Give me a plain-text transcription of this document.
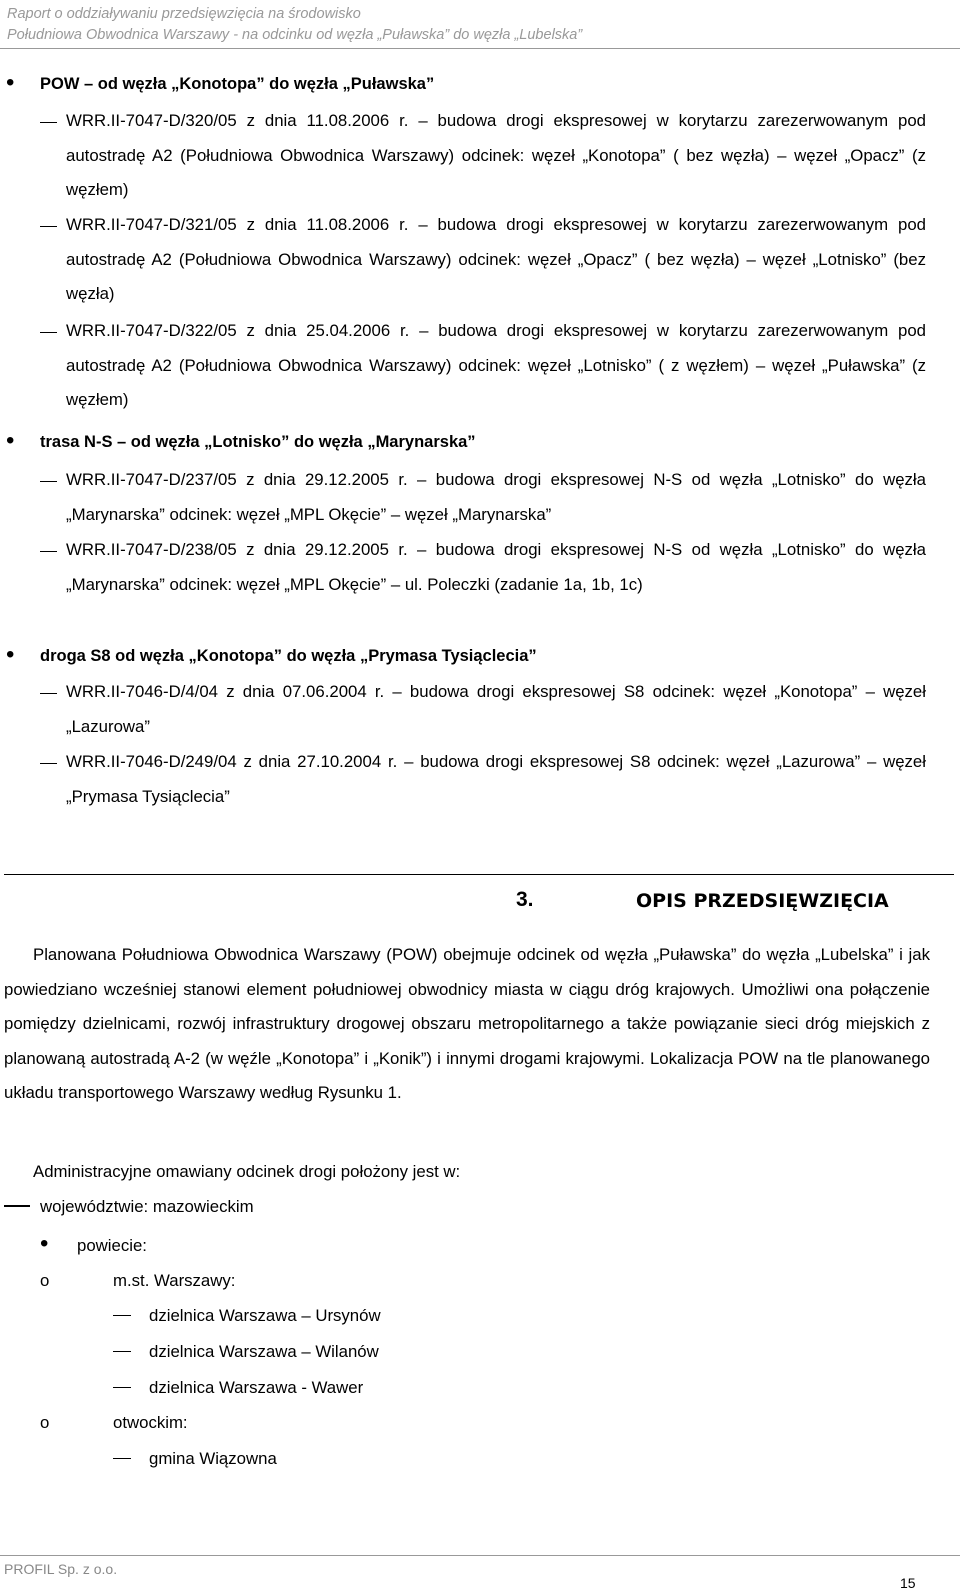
Raport o oddziaływaniu przedsięwzięcia na środowisko
Południowa Obwodnica Warszawy - na odcinku od węzła „Puławska” do węzła „Lubelska”
• POW – od węzła „Konotopa” do węzła „Puławska”

WRR.II-7047-D/320/05 z dnia 11.08.2006 r. – budowa drogi ekspresowej w korytarzu zarezerwowanym pod autostradę A2 (Południowa Obwodnica Warszawy) odcinek: węzeł „Konotopa” ( bez węzła) – węzeł „Opacz” (z węzłem)

WRR.II-7047-D/321/05 z dnia 11.08.2006 r. – budowa drogi ekspresowej w korytarzu zarezerwowanym pod autostradę A2 (Południowa Obwodnica Warszawy) odcinek: węzeł „Opacz” ( bez węzła) – węzeł „Lotnisko” (bez węzła)

WRR.II-7047-D/322/05 z dnia 25.04.2006 r. – budowa drogi ekspresowej w korytarzu zarezerwowanym pod autostradę A2 (Południowa Obwodnica Warszawy) odcinek: węzeł „Lotnisko” ( z węzłem) – węzeł „Puławska” (z węzłem)

• trasa N-S – od węzła „Lotnisko” do węzła „Marynarska”

WRR.II-7047-D/237/05 z dnia 29.12.2005 r. – budowa drogi ekspresowej N-S od węzła „Lotnisko” do węzła „Marynarska” odcinek: węzeł „MPL Okęcie” – węzeł „Marynarska”

WRR.II-7047-D/238/05 z dnia 29.12.2005 r. – budowa drogi ekspresowej N-S od węzła „Lotnisko” do węzła „Marynarska” odcinek: węzeł „MPL Okęcie” – ul. Poleczki (zadanie 1a, 1b, 1c)

• droga S8 od węzła „Konotopa” do węzła „Prymasa Tysiąclecia”

WRR.II-7046-D/4/04 z dnia 07.06.2004 r. – budowa drogi ekspresowej S8 odcinek: węzeł „Konotopa” – węzeł „Lazurowa”

WRR.II-7046-D/249/04 z dnia 27.10.2004 r. – budowa drogi ekspresowej S8 odcinek: węzeł „Lazurowa” – węzeł „Prymasa Tysiąclecia”

3.	OPIS PRZEDSIĘWZIĘCIA

Planowana Południowa Obwodnica Warszawy (POW) obejmuje odcinek od węzła „Puławska” do węzła „Lubelska” i jak powiedziano wcześniej stanowi element południowej obwodnicy miasta w ciągu dróg krajowych. Umożliwi ona połączenie pomiędzy dzielnicami, rozwój infrastruktury drogowej obszaru metropolitarnego a także powiązanie sieci dróg miejskich z planowaną autostradą A-2 (w węźle „Konotopa” i „Konik”) i innymi drogami krajowymi. Lokalizacja POW na tle planowanego układu transportowego Warszawy według Rysunku 1.

Administracyjne omawiany odcinek drogi położony jest w:
województwie: mazowieckim
• powiecie:
o	m.st. Warszawy:
dzielnica Warszawa – Ursynów
dzielnica Warszawa – Wilanów
dzielnica Warszawa - Wawer
o	otwockim:
gmina Wiązowna
PROFIL Sp. z o.o.
15
